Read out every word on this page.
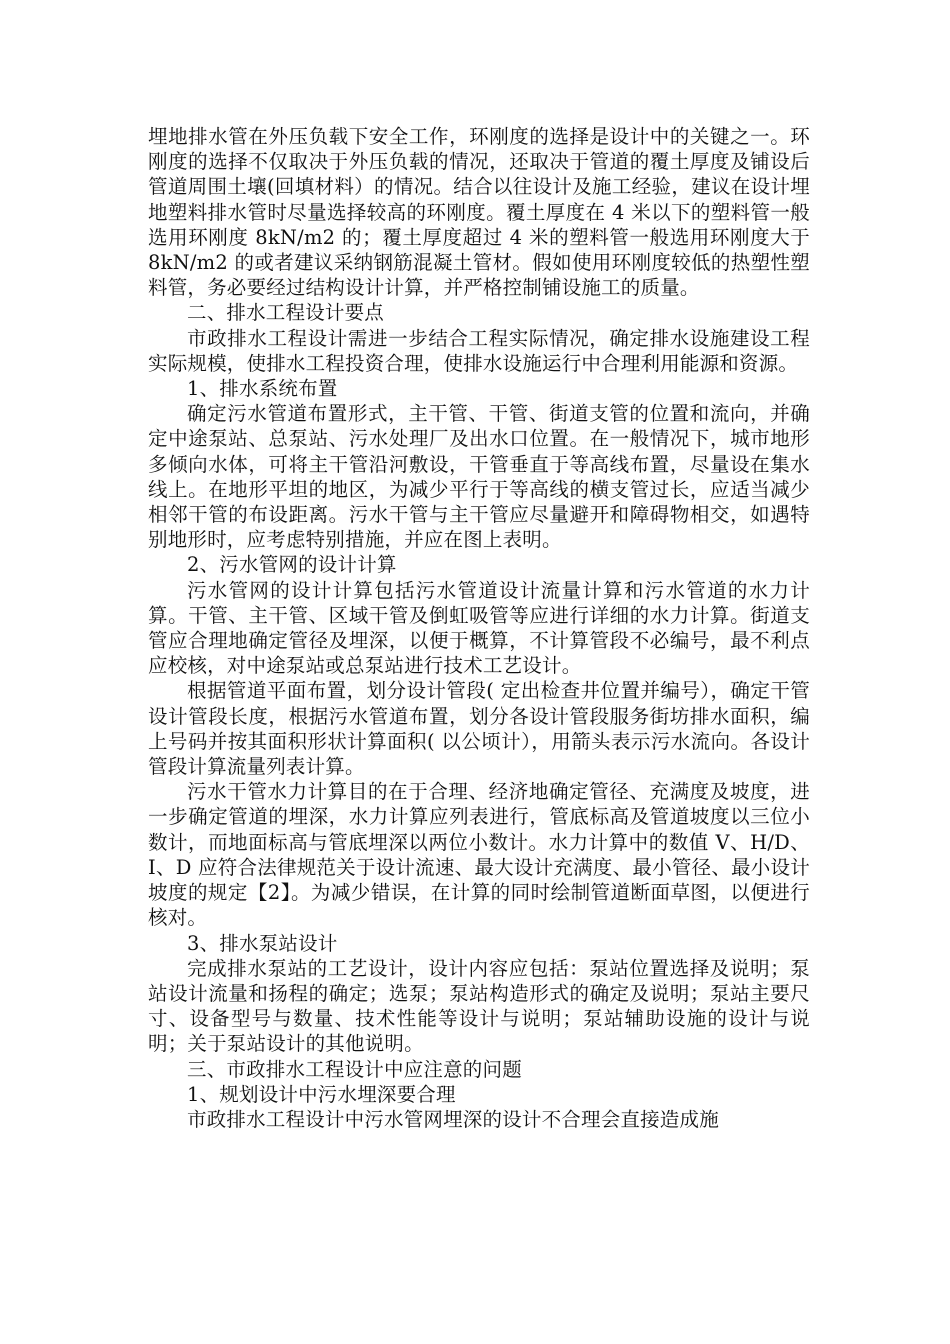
埋地排水管在外压负载下安全工作，环刚度的选择是设计中的关键之一。环刚度的选择不仅取决于外压负载的情况，还取决于管道的覆土厚度及铺设后管道周围土壤(回填材料）的情况。结合以往设计及施工经验，建议在设计埋地塑料排水管时尽量选择较高的环刚度。覆土厚度在 4 米以下的塑料管一般选用环刚度 8kN/m2 的；覆土厚度超过 4 米的塑料管一般选用环刚度大于 8kN/m2 的或者建议采纳钢筋混凝土管材。假如使用环刚度较低的热塑性塑料管，务必要经过结构设计计算，并严格控制铺设施工的质量。

二、排水工程设计要点

市政排水工程设计需进一步结合工程实际情况，确定排水设施建设工程实际规模，使排水工程投资合理，使排水设施运行中合理利用能源和资源。

1、排水系统布置

确定污水管道布置形式，主干管、干管、街道支管的位置和流向，并确定中途泵站、总泵站、污水处理厂及出水口位置。在一般情况下，城市地形多倾向水体，可将主干管沿河敷设，干管垂直于等高线布置，尽量设在集水线上。在地形平坦的地区，为减少平行于等高线的横支管过长，应适当减少相邻干管的布设距离。污水干管与主干管应尽量避开和障碍物相交，如遇特别地形时，应考虑特别措施，并应在图上表明。

2、污水管网的设计计算

污水管网的设计计算包括污水管道设计流量计算和污水管道的水力计算。干管、主干管、区域干管及倒虹吸管等应进行详细的水力计算。街道支管应合理地确定管径及埋深，以便于概算，不计算管段不必编号，最不利点应校核，对中途泵站或总泵站进行技术工艺设计。

根据管道平面布置，划分设计管段( 定出检查井位置并编号），确定干管设计管段长度，根据污水管道布置，划分各设计管段服务街坊排水面积，编上号码并按其面积形状计算面积( 以公顷计），用箭头表示污水流向。各设计管段计算流量列表计算。

污水干管水力计算目的在于合理、经济地确定管径、充满度及坡度，进一步确定管道的埋深，水力计算应列表进行，管底标高及管道坡度以三位小数计，而地面标高与管底埋深以两位小数计。水力计算中的数值 V、H/D、I、D 应符合法律规范关于设计流速、最大设计充满度、最小管径、最小设计坡度的规定【2】。为减少错误，在计算的同时绘制管道断面草图，以便进行核对。

3、排水泵站设计

完成排水泵站的工艺设计，设计内容应包括：泵站位置选择及说明；泵站设计流量和扬程的确定；选泵；泵站构造形式的确定及说明；泵站主要尺寸、设备型号与数量、技术性能等设计与说明；泵站辅助设施的设计与说明；关于泵站设计的其他说明。

三、市政排水工程设计中应注意的问题

1、规划设计中污水埋深要合理

市政排水工程设计中污水管网埋深的设计不合理会直接造成施
